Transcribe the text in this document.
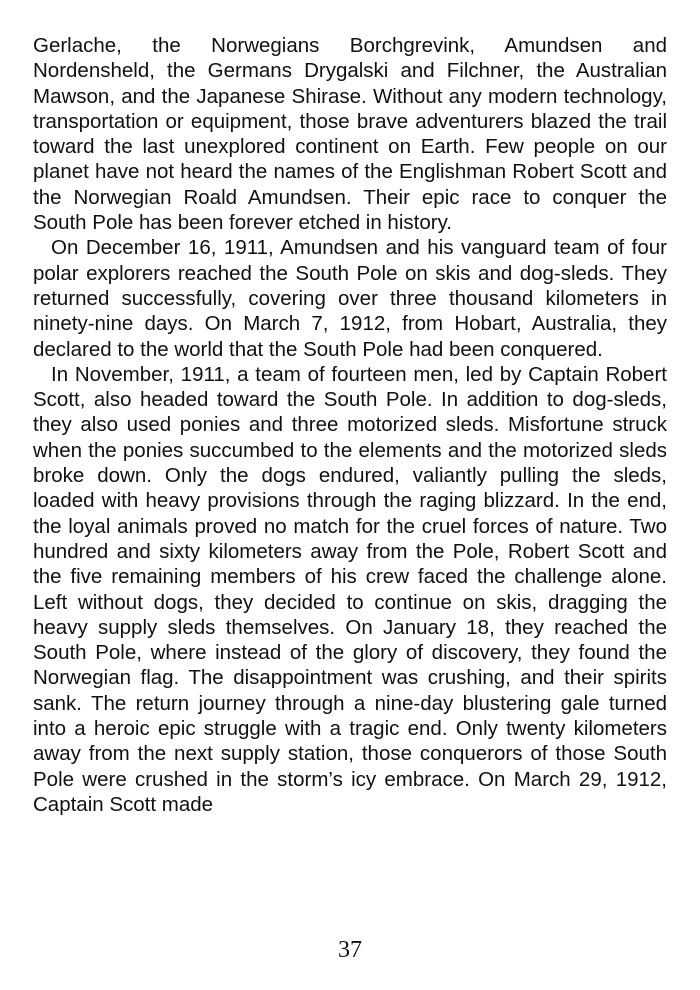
Gerlache, the Norwegians Borchgrevink, Amundsen and Nordensheld, the Germans Drygalski and Filchner, the Australian Mawson, and the Japanese Shirase. Without any modern technology, transportation or equipment, those brave adventurers blazed the trail toward the last unexplored continent on Earth. Few people on our planet have not heard the names of the Englishman Robert Scott and the Norwegian Roald Amundsen. Their epic race to conquer the South Pole has been forever etched in history.

On December 16, 1911, Amundsen and his vanguard team of four polar explorers reached the South Pole on skis and dog-sleds. They returned successfully, covering over three thousand kilometers in ninety-nine days. On March 7, 1912, from Hobart, Australia, they declared to the world that the South Pole had been conquered.

In November, 1911, a team of fourteen men, led by Captain Robert Scott, also headed toward the South Pole. In addition to dog-sleds, they also used ponies and three motorized sleds. Misfortune struck when the ponies succumbed to the elements and the motorized sleds broke down. Only the dogs endured, valiantly pulling the sleds, loaded with heavy provisions through the raging blizzard. In the end, the loyal animals proved no match for the cruel forces of nature. Two hundred and sixty kilometers away from the Pole, Robert Scott and the five remaining members of his crew faced the challenge alone. Left without dogs, they decided to continue on skis, dragging the heavy supply sleds themselves. On January 18, they reached the South Pole, where instead of the glory of discovery, they found the Norwegian flag. The disappointment was crushing, and their spirits sank. The return journey through a nine-day blustering gale turned into a heroic epic struggle with a tragic end. Only twenty kilometers away from the next supply station, those conquerors of those South Pole were crushed in the storm’s icy embrace. On March 29, 1912, Captain Scott made

37
